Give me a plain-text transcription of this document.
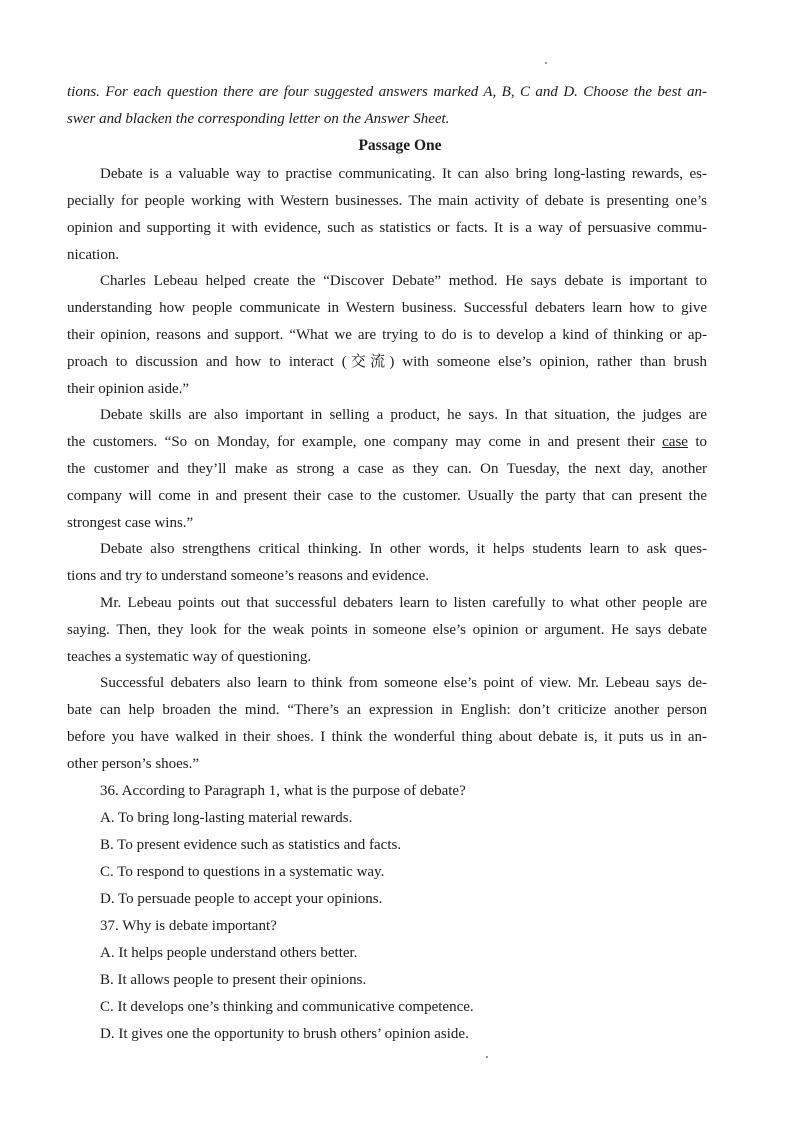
tions. For each question there are four suggested answers marked A, B, C and D. Choose the best an-
swer and blacken the corresponding letter on the Answer Sheet.
Passage One
Debate is a valuable way to practise communicating. It can also bring long-lasting rewards, es-
pecially for people working with Western businesses. The main activity of debate is presenting one’s
opinion and supporting it with evidence, such as statistics or facts. It is a way of persuasive commu-
nication.
Charles Lebeau helped create the “Discover Debate” method. He says debate is important to
understanding how people communicate in Western business. Successful debaters learn how to give
their opinion, reasons and support. “What we are trying to do is to develop a kind of thinking or ap-
proach to discussion and how to interact (交流) with someone else’s opinion, rather than brush
their opinion aside.”
Debate skills are also important in selling a product, he says. In that situation, the judges are
the customers. “So on Monday, for example, one company may come in and present their case to
the customer and they’ll make as strong a case as they can. On Tuesday, the next day, another
company will come in and present their case to the customer. Usually the party that can present the
strongest case wins.”
Debate also strengthens critical thinking. In other words, it helps students learn to ask ques-
tions and try to understand someone’s reasons and evidence.
Mr. Lebeau points out that successful debaters learn to listen carefully to what other people are
saying. Then, they look for the weak points in someone else’s opinion or argument. He says debate
teaches a systematic way of questioning.
Successful debaters also learn to think from someone else’s point of view. Mr. Lebeau says de-
bate can help broaden the mind. “There’s an expression in English: don’t criticize another person
before you have walked in their shoes. I think the wonderful thing about debate is, it puts us in an-
other person’s shoes.”
36. According to Paragraph 1, what is the purpose of debate?
A. To bring long-lasting material rewards.
B. To present evidence such as statistics and facts.
C. To respond to questions in a systematic way.
D. To persuade people to accept your opinions.
37. Why is debate important?
A. It helps people understand others better.
B. It allows people to present their opinions.
C. It develops one’s thinking and communicative competence.
D. It gives one the opportunity to brush others’ opinion aside.
